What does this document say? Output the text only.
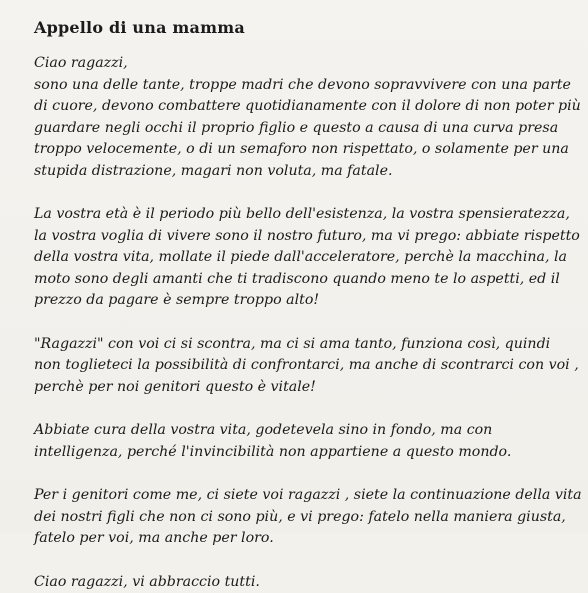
Appello di una mamma
Ciao ragazzi,
sono una delle tante, troppe madri che devono sopravvivere con una parte
di cuore, devono combattere quotidianamente con il dolore di non poter più
guardare negli occhi il proprio figlio e questo a causa di una curva presa
troppo velocemente, o di un semaforo non rispettato, o solamente per una
stupida distrazione, magari non voluta, ma fatale.
La vostra età è il periodo più bello dell'esistenza, la vostra spensieratezza,
la vostra voglia di vivere sono il nostro futuro, ma vi prego: abbiate rispetto
della vostra vita, mollate il piede dall'acceleratore, perchè la macchina, la
moto sono degli amanti che ti tradiscono quando meno te lo aspetti, ed il
prezzo da pagare è sempre troppo alto!
"Ragazzi" con voi ci si scontra, ma ci si ama tanto, funziona così, quindi
non toglieteci la possibilità di confrontarci, ma anche di scontrarci con voi ,
perchè per noi genitori questo è vitale!
Abbiate cura della vostra vita, godetevela sino in fondo, ma con
intelligenza, perché l'invincibilità non appartiene a questo mondo.
Per i genitori come me, ci siete voi ragazzi , siete la continuazione della vita
dei nostri figli che non ci sono più, e vi prego: fatelo nella maniera giusta,
fatelo per voi, ma anche per loro.
Ciao ragazzi, vi abbraccio tutti.
